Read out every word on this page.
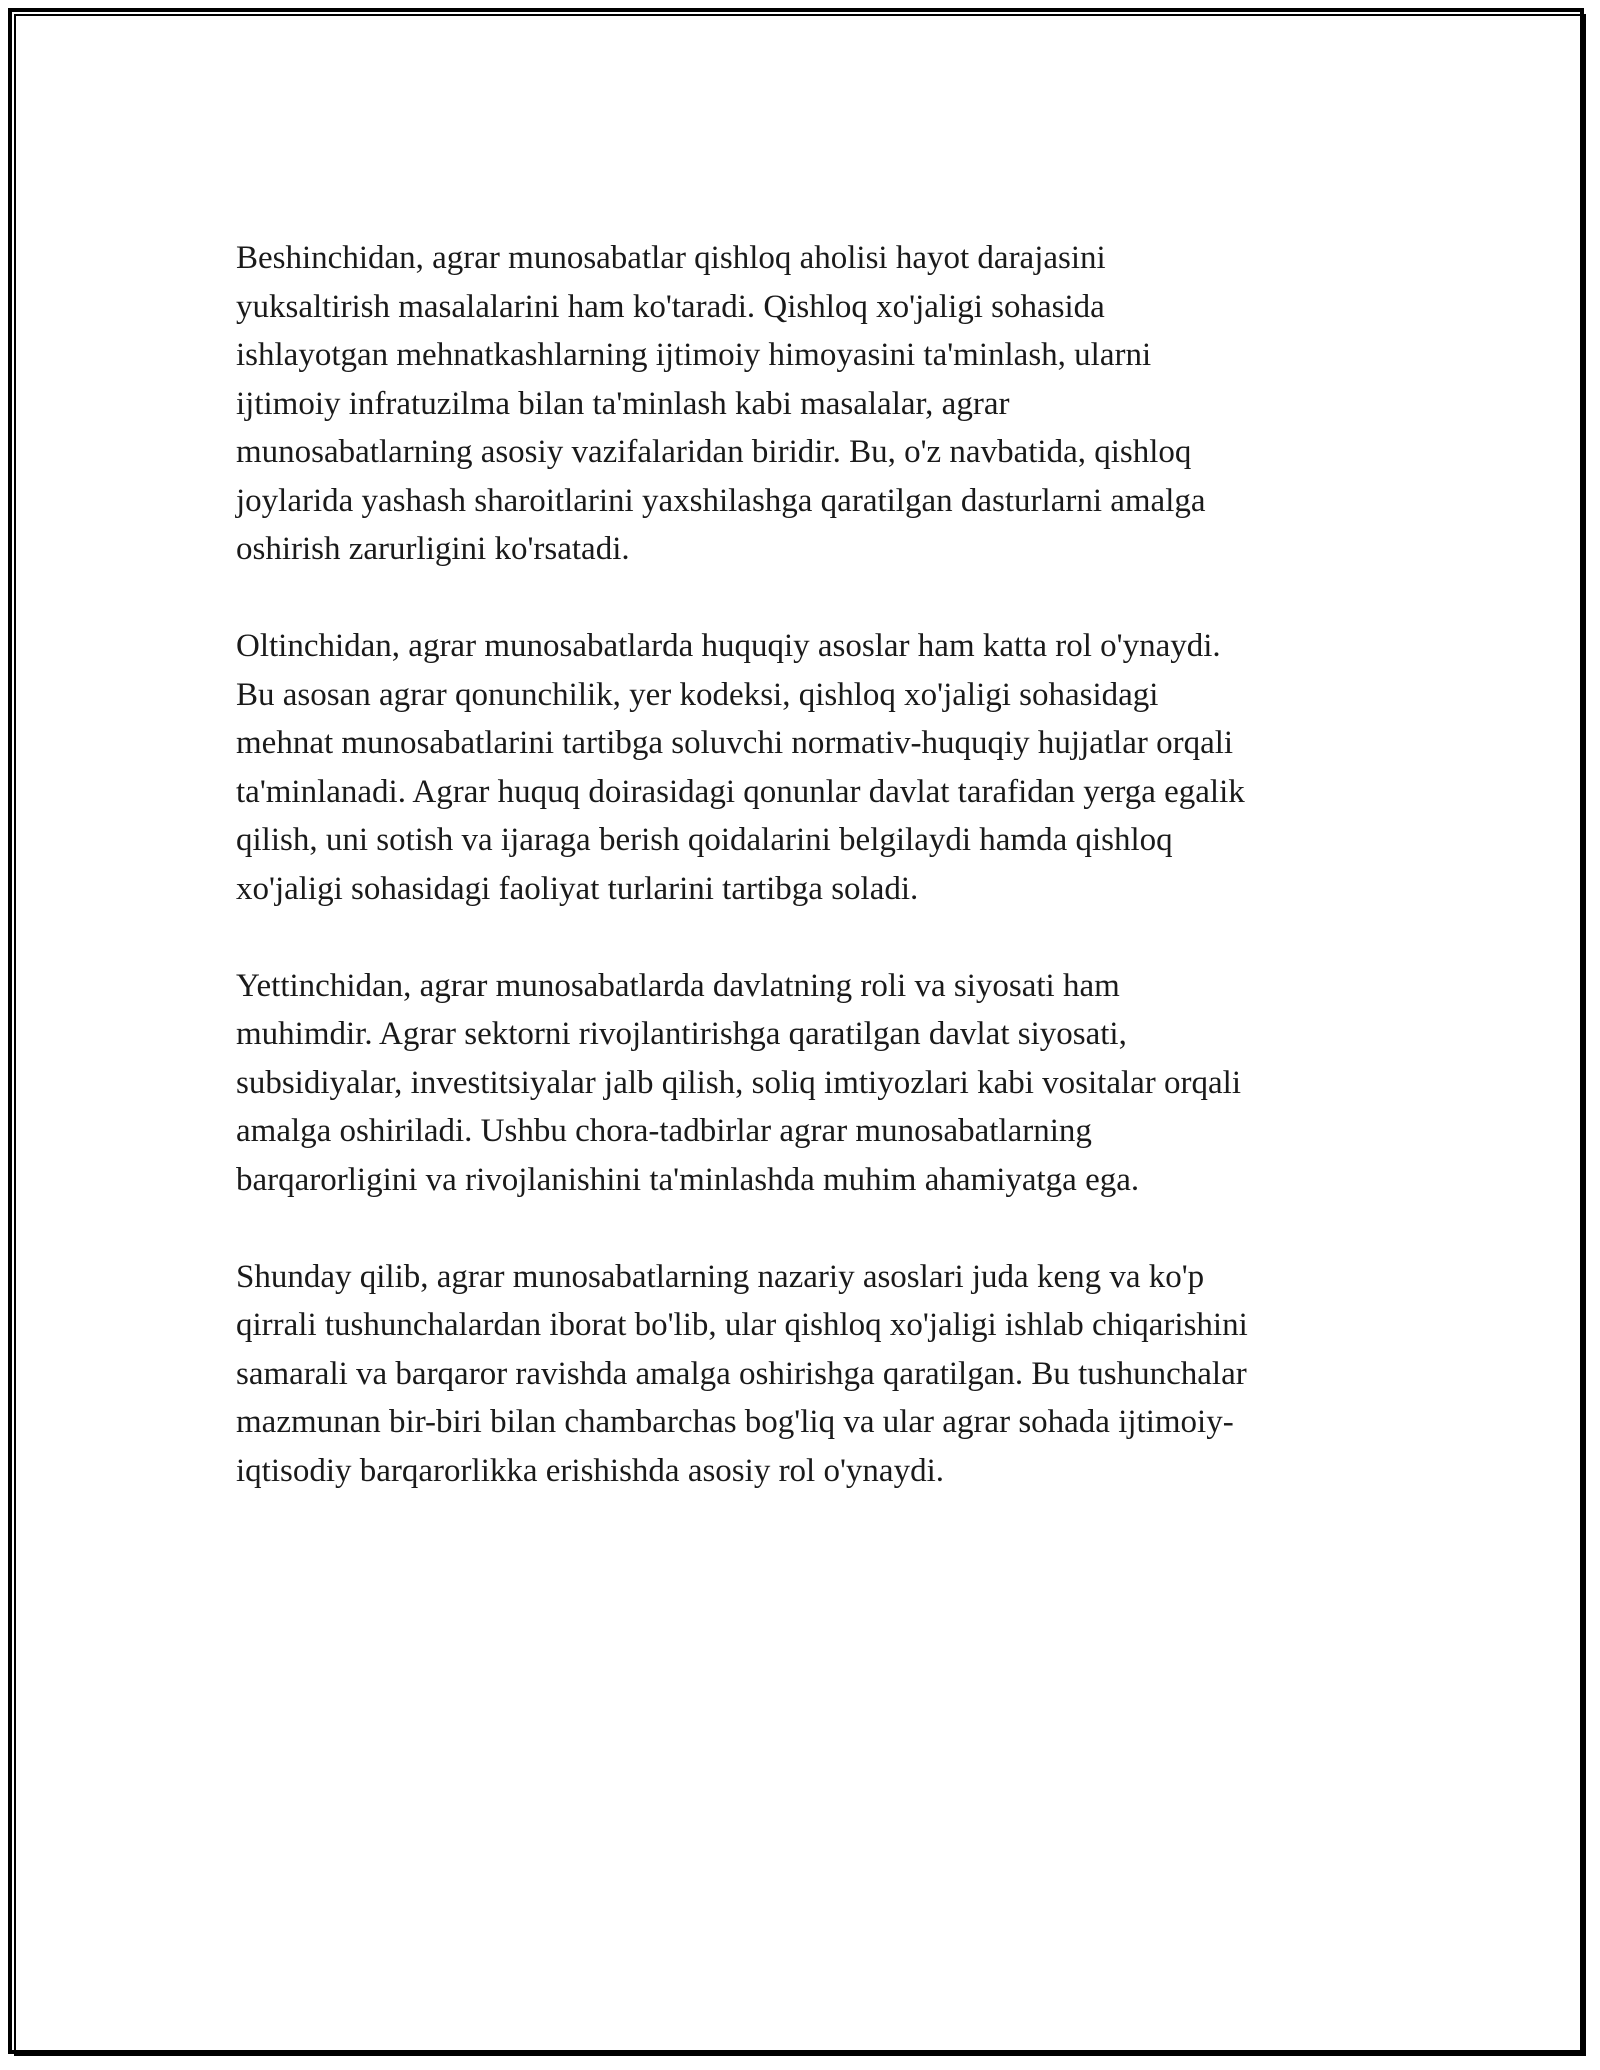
Beshinchidan, agrar munosabatlar qishloq aholisi hayot darajasini
yuksaltirish masalalarini ham ko'taradi. Qishloq xo'jaligi sohasida
ishlayotgan mehnatkashlarning ijtimoiy himoyasini ta'minlash, ularni
ijtimoiy infratuzilma bilan ta'minlash kabi masalalar, agrar
munosabatlarning asosiy vazifalaridan biridir. Bu, o'z navbatida, qishloq
joylarida yashash sharoitlarini yaxshilashga qaratilgan dasturlarni amalga
oshirish zarurligini ko'rsatadi.

Oltinchidan, agrar munosabatlarda huquqiy asoslar ham katta rol o'ynaydi.
Bu asosan agrar qonunchilik, yer kodeksi, qishloq xo'jaligi sohasidagi
mehnat munosabatlarini tartibga soluvchi normativ-huquqiy hujjatlar orqali
ta'minlanadi. Agrar huquq doirasidagi qonunlar davlat tarafidan yerga egalik
qilish, uni sotish va ijaraga berish qoidalarini belgilaydi hamda qishloq
xo'jaligi sohasidagi faoliyat turlarini tartibga soladi.

Yettinchidan, agrar munosabatlarda davlatning roli va siyosati ham
muhimdir. Agrar sektorni rivojlantirishga qaratilgan davlat siyosati,
subsidiyalar, investitsiyalar jalb qilish, soliq imtiyozlari kabi vositalar orqali
amalga oshiriladi. Ushbu chora-tadbirlar agrar munosabatlarning
barqarorligini va rivojlanishini ta'minlashda muhim ahamiyatga ega.

Shunday qilib, agrar munosabatlarning nazariy asoslari juda keng va ko'p
qirrali tushunchalardan iborat bo'lib, ular qishloq xo'jaligi ishlab chiqarishini
samarali va barqaror ravishda amalga oshirishga qaratilgan. Bu tushunchalar
mazmunan bir-biri bilan chambarchas bog'liq va ular agrar sohada ijtimoiy-
iqtisodiy barqarorlikka erishishda asosiy rol o'ynaydi.
